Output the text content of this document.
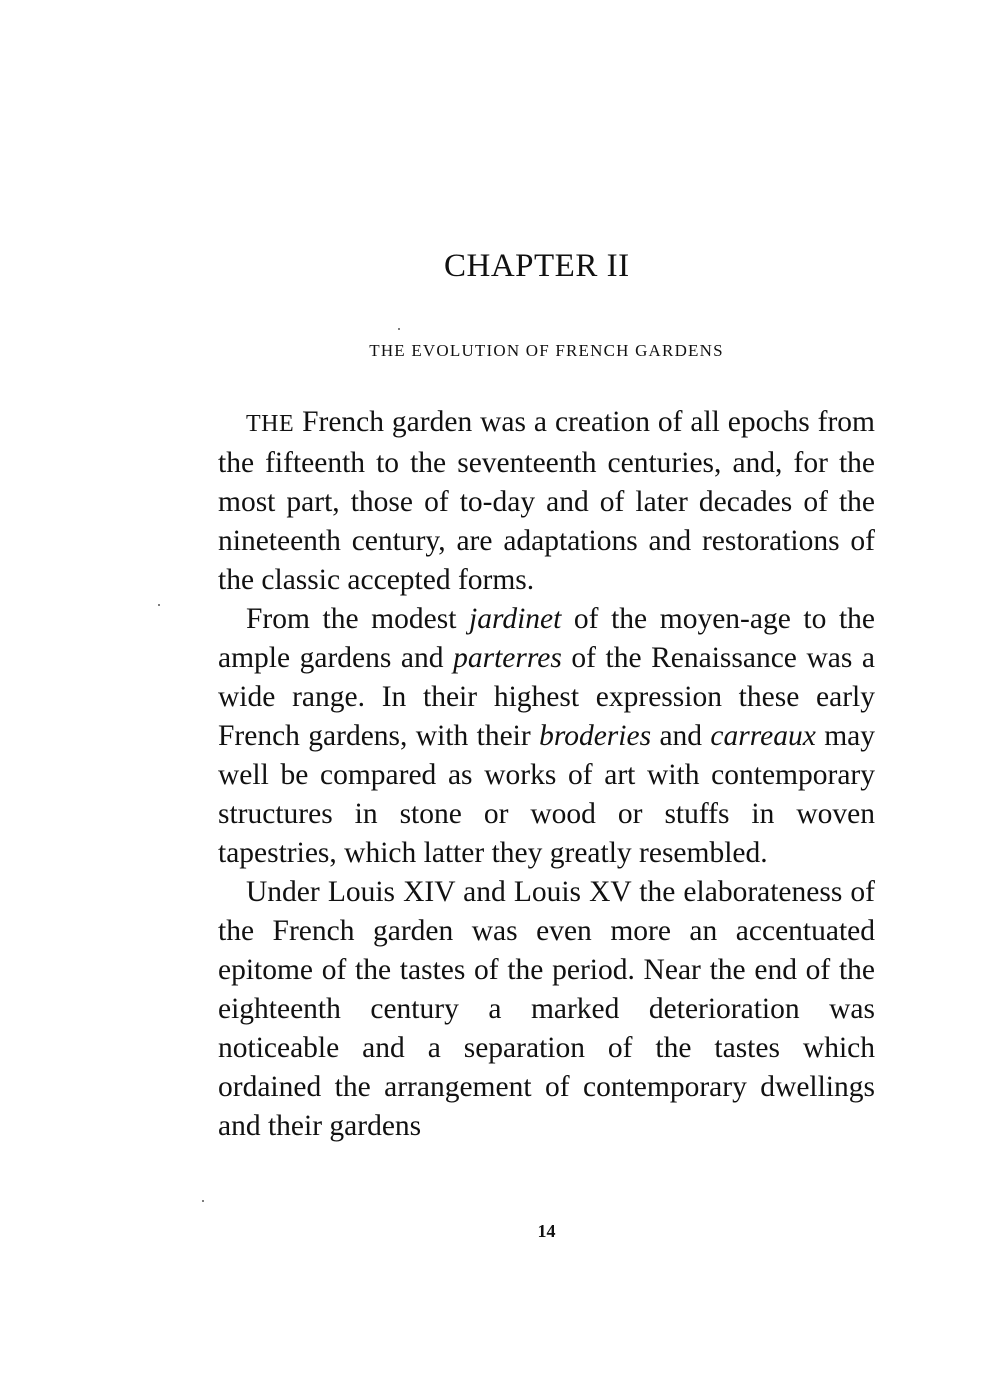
CHAPTER II
THE EVOLUTION OF FRENCH GARDENS

THE French garden was a creation of all epochs from the fifteenth to the seventeenth centuries, and, for the most part, those of to-day and of later decades of the nineteenth century, are adaptations and restorations of the classic accepted forms.

From the modest jardinet of the moyen-age to the ample gardens and parterres of the Renaissance was a wide range. In their highest expression these early French gardens, with their broderies and carreaux may well be compared as works of art with contemporary structures in stone or wood or stuffs in woven tapestries, which latter they greatly resembled.

Under Louis XIV and Louis XV the elaborateness of the French garden was even more an accentuated epitome of the tastes of the period. Near the end of the eighteenth century a marked deterioration was noticeable and a separation of the tastes which ordained the arrangement of contemporary dwellings and their gardens

14
